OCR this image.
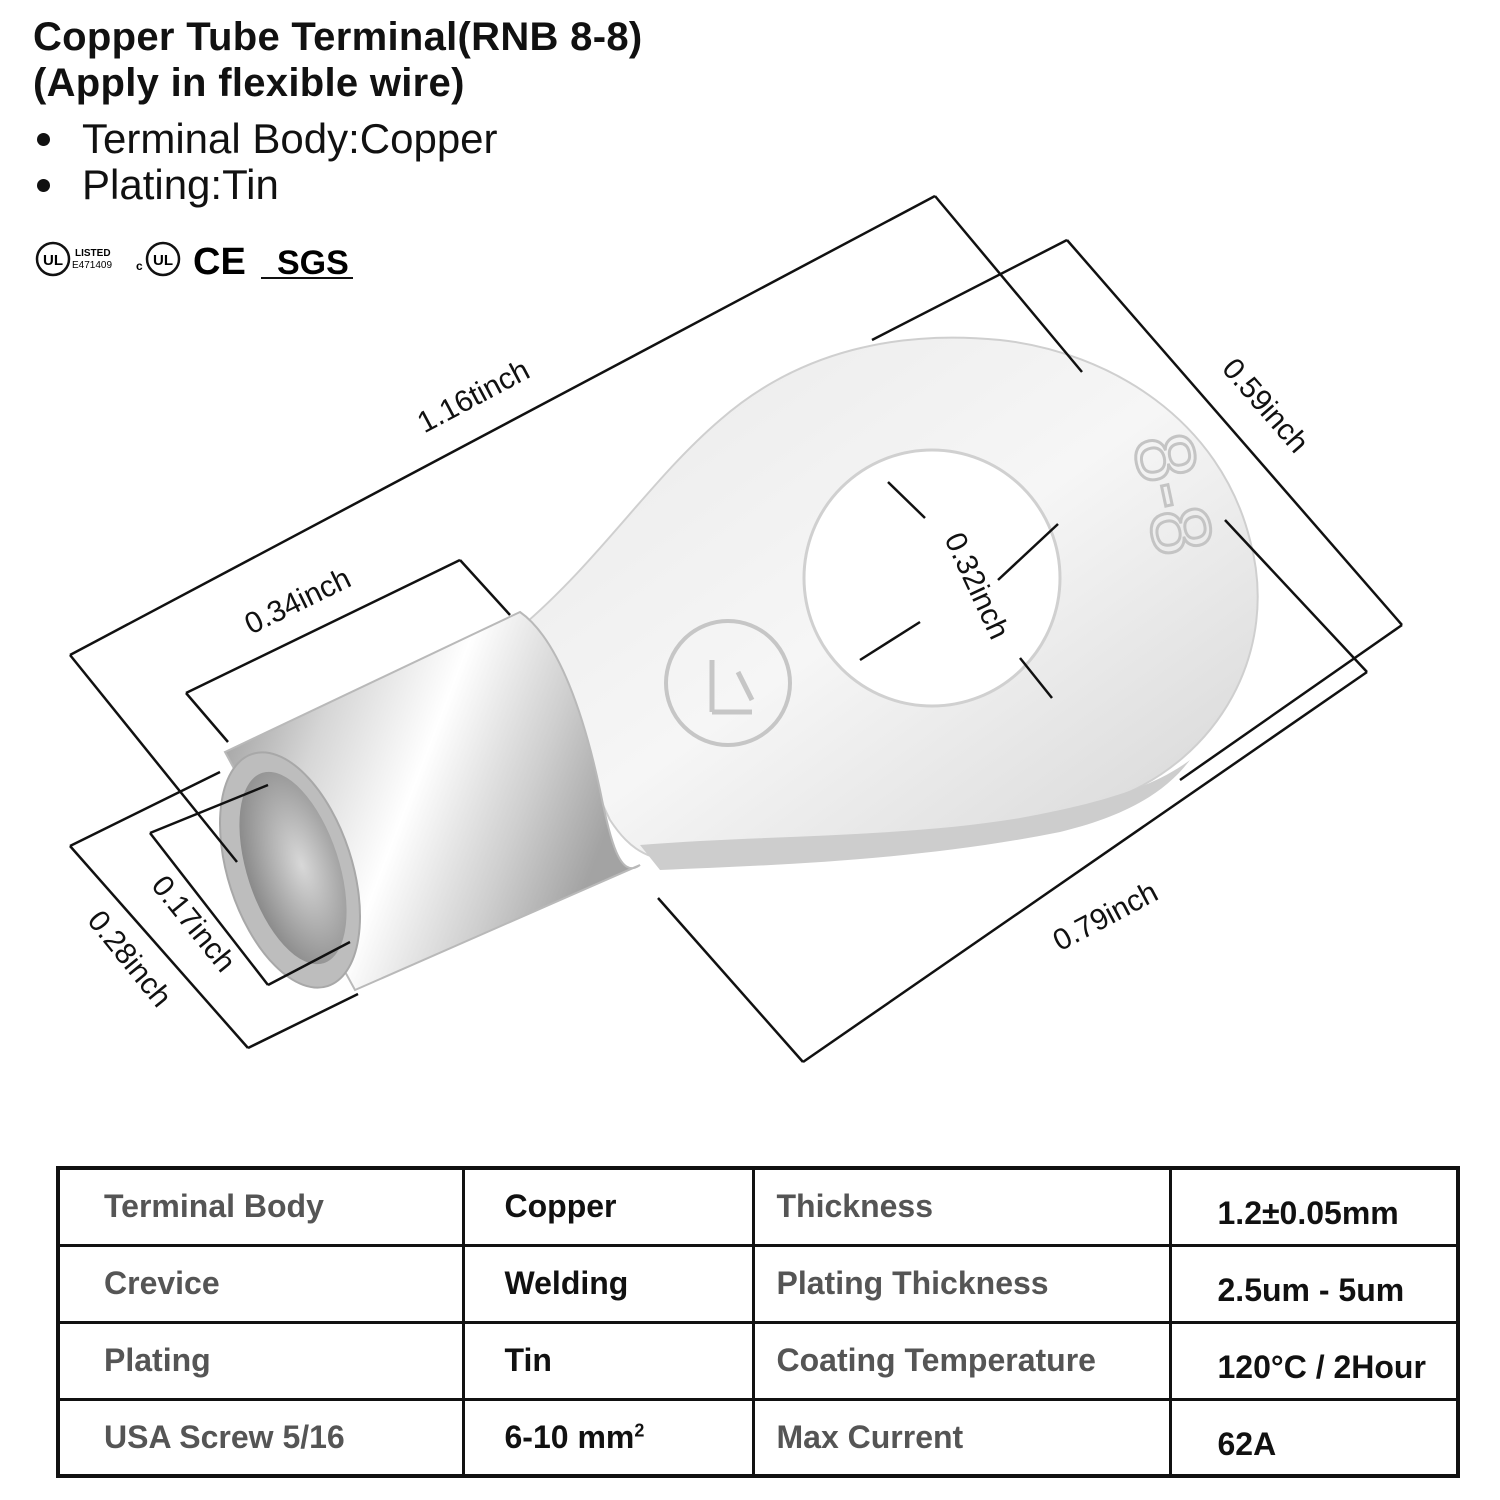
Copper Tube Terminal(RNB 8-8)
(Apply in flexible wire)
Terminal Body:Copper
Plating:Tin
UL LISTED
E471409 c UL CE SGS
8-8
1.16tinch	0.59inch
0.32inch
0.34inch
0.17inch
0.28inch	0.79inch
Terminal Body	Copper	Thickness	1.2±0.05mm
Crevice	Welding	Plating Thickness	2.5um - 5um
Plating	Tin	Coating Temperature	120°C / 2Hour
USA Screw 5/16	6-10 $mm^2$	Max Current	62A
